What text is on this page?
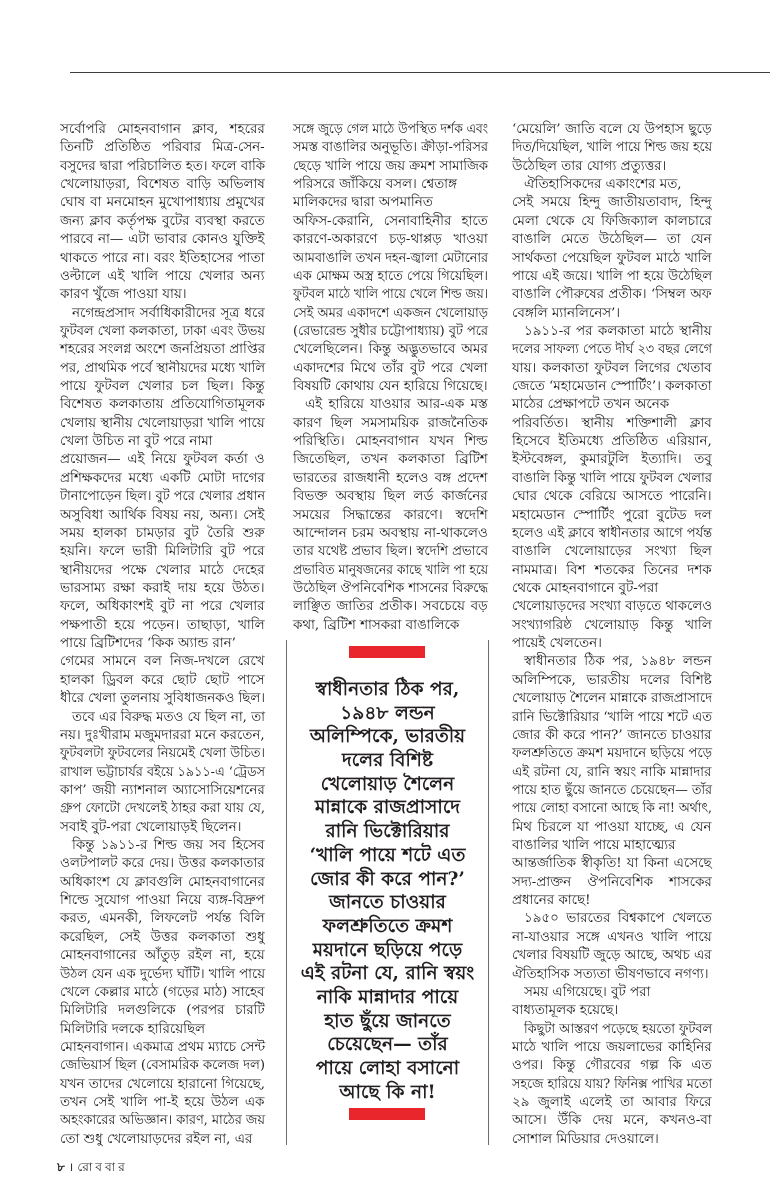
সর্বোপরি মোহনবাগান ক্লাব, শহরের
তিনটি প্রতিষ্ঠিত পরিবার মিত্র-সেন-
বসুদের দ্বারা পরিচালিত হত। ফলে বাকি
খেলোয়াড়রা, বিশেষত বাড়ি অভিলাষ
ঘোষ বা মনমোহন মুখোপাধ্যায় প্রমুখের
জন্য ক্লাব কর্তৃপক্ষ বুটের ব্যবস্থা করতে
পারবে না— এটা ভাবার কোনও যুক্তিই
থাকতে পারে না। বরং ইতিহাসের পাতা
ওল্টালে এই খালি পায়ে খেলার অন্য
কারণ খুঁজে পাওয়া যায়।
নগেন্দ্রপ্রসাদ সর্বাধিকারীদের সূত্র ধরে
ফুটবল খেলা কলকাতা, ঢাকা এবং উভয়
শহরের সংলগ্ন অংশে জনপ্রিয়তা প্রাপ্তির
পর, প্রাথমিক পর্বে স্থানীয়দের মধ্যে খালি
পায়ে ফুটবল খেলার চল ছিল। কিন্তু
বিশেষত কলকাতায় প্রতিযোগিতামূলক
খেলায় স্থানীয় খেলোয়াড়রা খালি পায়ে
খেলা উচিত না বুট পরে নামা
প্রয়োজন— এই নিয়ে ফুটবল কর্তা ও
প্রশিক্ষকদের মধ্যে একটি মোটা দাগের
টানাপোড়েন ছিল। বুট পরে খেলার প্রধান
অসুবিধা আর্থিক বিষয় নয়, অন্য। সেই
সময় হালকা চামড়ার বুট তৈরি শুরু
হয়নি। ফলে ভারী মিলিটারি বুট পরে
স্থানীয়দের পক্ষে খেলার মাঠে দেহের
ভারসাম্য রক্ষা করাই দায় হয়ে উঠত।
ফলে, অধিকাংশই বুট না পরে খেলার
পক্ষপাতী হয়ে পড়েন। তাছাড়া, খালি
পায়ে ব্রিটিশদের ‘কিক অ্যান্ড রান’
গেমের সামনে বল নিজ-দখলে রেখে
হালকা ড্রিবল করে ছোট ছোট পাসে
ধীরে খেলা তুলনায় সুবিধাজনকও ছিল।
তবে এর বিরুদ্ধ মতও যে ছিল না, তা
নয়। দুঃখীরাম মজুমদাররা মনে করতেন,
ফুটবলটা ফুটবলের নিয়মেই খেলা উচিত।
রাখাল ভট্টাচার্যর বইয়ে ১৯১১-এ ‘ট্রেডস
কাপ’ জয়ী ন্যাশনাল অ্যাসোসিয়েশনের
গ্রুপ ফোটো দেখলেই ঠাহর করা যায় যে,
সবাই বুট-পরা খেলোয়াড়ই ছিলেন।
কিন্তু ১৯১১-র শিল্ড জয় সব হিসেব
ওলটপালট করে দেয়। উত্তর কলকাতার
অধিকাংশ যে ক্লাবগুলি মোহনবাগানের
শিল্ডে সুযোগ পাওয়া নিয়ে ব্যঙ্গ-বিদ্রুপ
করত, এমনকী, লিফলেট পর্যন্ত বিলি
করেছিল, সেই উত্তর কলকাতা শুধু
মোহনবাগানের আঁতুড় রইল না, হয়ে
উঠল যেন এক দুর্ভেদ্য ঘাঁটি। খালি পায়ে
খেলে কেল্লার মাঠে (গড়ের মাঠ) সাহেব
মিলিটারি দলগুলিকে (পরপর চারটি
মিলিটারি দলকে হারিয়েছিল
মোহনবাগান। একমাত্র প্রথম ম্যাচে সেন্ট
জেভিয়ার্স ছিল (বেসামরিক কলেজ দল)
যখন তাদের খেলোয়ে হারানো গিয়েছে,
তখন সেই খালি পা-ই হয়ে উঠল এক
অহংকারের অভিজ্ঞান। কারণ, মাঠের জয়
তো শুধু খেলোয়াড়দের রইল না, এর
সঙ্গে জুড়ে গেল মাঠে উপস্থিত দর্শক এবং
সমস্ত বাঙালির অনুভূতি। ক্রীড়া-পরিসর
ছেড়ে খালি পায়ে জয় ক্রমশ সামাজিক
পরিসরে জাঁকিয়ে বসল। শ্বেতাঙ্গ
মালিকদের দ্বারা অপমানিত
অফিস-কেরানি, সেনাবাহিনীর হাতে
কারণে-অকারণে চড়-থাপ্পড় খাওয়া
আমবাঙালি তখন দহন-জ্বালা মেটানোর
এক মোক্ষম অস্ত্র হাতে পেয়ে গিয়েছিল।
ফুটবল মাঠে খালি পায়ে খেলে শিল্ড জয়।
সেই অমর একাদশে একজন খেলোয়াড়
(রেভারেন্ড সুধীর চট্টোপাধ্যায়) বুট পরে
খেলেছিলেন। কিন্তু অদ্ভুতভাবে অমর
একাদশের মিথে তাঁর বুট পরে খেলা
বিষয়টি কোথায় যেন হারিয়ে গিয়েছে।
এই হারিয়ে যাওয়ার আর-এক মস্ত
কারণ ছিল সমসাময়িক রাজনৈতিক
পরিস্থিতি। মোহনবাগান যখন শিল্ড
জিতেছিল, তখন কলকাতা ব্রিটিশ
ভারতের রাজধানী হলেও বঙ্গ প্রদেশ
বিভক্ত অবস্থায় ছিল লর্ড কার্জনের
সময়ের সিদ্ধান্তের কারণে। স্বদেশি
আন্দোলন চরম অবস্থায় না-থাকলেও
তার যথেষ্ট প্রভাব ছিল। স্বদেশি প্রভাবে
প্রভাবিত মানুষজনের কাছে খালি পা হয়ে
উঠেছিল ঔপনিবেশিক শাসনের বিরুদ্ধে
লাঞ্ছিত জাতির প্রতীক। সবচেয়ে বড়
কথা, ব্রিটিশ শাসকরা বাঙালিকে
‘মেয়েলি’ জাতি বলে যে উপহাস ছুড়ে
দিত/দিয়েছিল, খালি পায়ে শিল্ড জয় হয়ে
উঠেছিল তার যোগ্য প্রত্যুত্তর।
ঐতিহাসিকদের একাংশের মত,
সেই সময়ে হিন্দু জাতীয়তাবাদ, হিন্দু
মেলা থেকে যে ফিজিক্যাল কালচারে
বাঙালি মেতে উঠেছিল— তা যেন
সার্থকতা পেয়েছিল ফুটবল মাঠে খালি
পায়ে এই জয়ে। খালি পা হয়ে উঠেছিল
বাঙালি পৌরুষের প্রতীক। ‘সিম্বল অফ
বেঙ্গলি ম্যানলিনেস’।
১৯১১-র পর কলকাতা মাঠে স্থানীয়
দলের সাফল্য পেতে দীর্ঘ ২৩ বছর লেগে
যায়। কলকাতা ফুটবল লিগের খেতাব
জেতে ‘মহামেডান স্পোর্টিং’। কলকাতা
মাঠের প্রেক্ষাপটে তখন অনেক
পরিবর্তিত। স্থানীয় শক্তিশালী ক্লাব
হিসেবে ইতিমধ্যে প্রতিষ্ঠিত এরিয়ান,
ইস্টবেঙ্গল, কুমারটুলি ইত্যাদি। তবু
বাঙালি কিন্তু খালি পায়ে ফুটবল খেলার
ঘোর থেকে বেরিয়ে আসতে পারেনি।
মহামেডান স্পোর্টিং পুরো বুটেড দল
হলেও এই ক্লাবে স্বাধীনতার আগে পর্যন্ত
বাঙালি খেলোয়াড়ের সংখ্যা ছিল
নামমাত্র। বিশ শতকের তিনের দশক
থেকে মোহনবাগানে বুট-পরা
খেলোয়াড়দের সংখ্যা বাড়তে থাকলেও
সংখ্যাগরিষ্ঠ খেলোয়াড় কিন্তু খালি
পায়েই খেলতেন।
স্বাধীনতার ঠিক পর, ১৯৪৮ লন্ডন
অলিম্পিকে, ভারতীয় দলের বিশিষ্ট
খেলোয়াড় শৈলেন মান্নাকে রাজপ্রাসাদে
রানি ভিক্টোরিয়ার ‘খালি পায়ে শটে এত
জোর কী করে পান?’ জানতে চাওয়ার
ফলশ্রুতিতে ক্রমশ ময়দানে ছড়িয়ে পড়ে
এই রটনা যে, রানি স্বয়ং নাকি মান্নাদার
পায়ে হাত ছুঁয়ে জানতে চেয়েছেন— তাঁর
পায়ে লোহা বসানো আছে কি না! অর্থাৎ,
মিথ চিরলে যা পাওয়া যাচ্ছে, এ যেন
বাঙালির খালি পায়ে মাহাত্ম্যের
আন্তর্জাতিক স্বীকৃতি! যা কিনা এসেছে
সদ্য-প্রাক্তন ঔপনিবেশিক শাসকের
প্রধানের কাছে!
১৯৫০ ভারতের বিশ্বকাপে খেলতে
না-যাওয়ার সঙ্গে এখনও খালি পায়ে
খেলার বিষয়টি জুড়ে আছে, অথচ এর
ঐতিহাসিক সত্যতা ভীষণভাবে নগণ্য।
সময় এগিয়েছে। বুট পরা
বাধ্যতামূলক হয়েছে।
কিছুটা আস্তরণ পড়েছে হয়তো ফুটবল
মাঠে খালি পায়ে জয়লাভের কাহিনির
ওপর। কিন্তু গৌরবের গল্প কি এত
সহজে হারিয়ে যায়? ফিনিক্স পাখির মতো
২৯ জুলাই এলেই তা আবার ফিরে
আসে। উঁকি দেয় মনে, কখনও-বা
সোশাল মিডিয়ার দেওয়ালে।
স্বাধীনতার ঠিক পর,
১৯৪৮ লন্ডন
অলিম্পিকে, ভারতীয়
দলের বিশিষ্ট
খেলোয়াড় শৈলেন
মান্নাকে রাজপ্রাসাদে
রানি ভিক্টোরিয়ার
‘খালি পায়ে শটে এত
জোর কী করে পান?’
জানতে চাওয়ার
ফলশ্রুতিতে ক্রমশ
ময়দানে ছড়িয়ে পড়ে
এই রটনা যে, রানি স্বয়ং
নাকি মান্নাদার পায়ে
হাত ছুঁয়ে জানতে
চেয়েছেন— তাঁর
পায়ে লোহা বসানো
আছে কি না!
৮ । রোববার
